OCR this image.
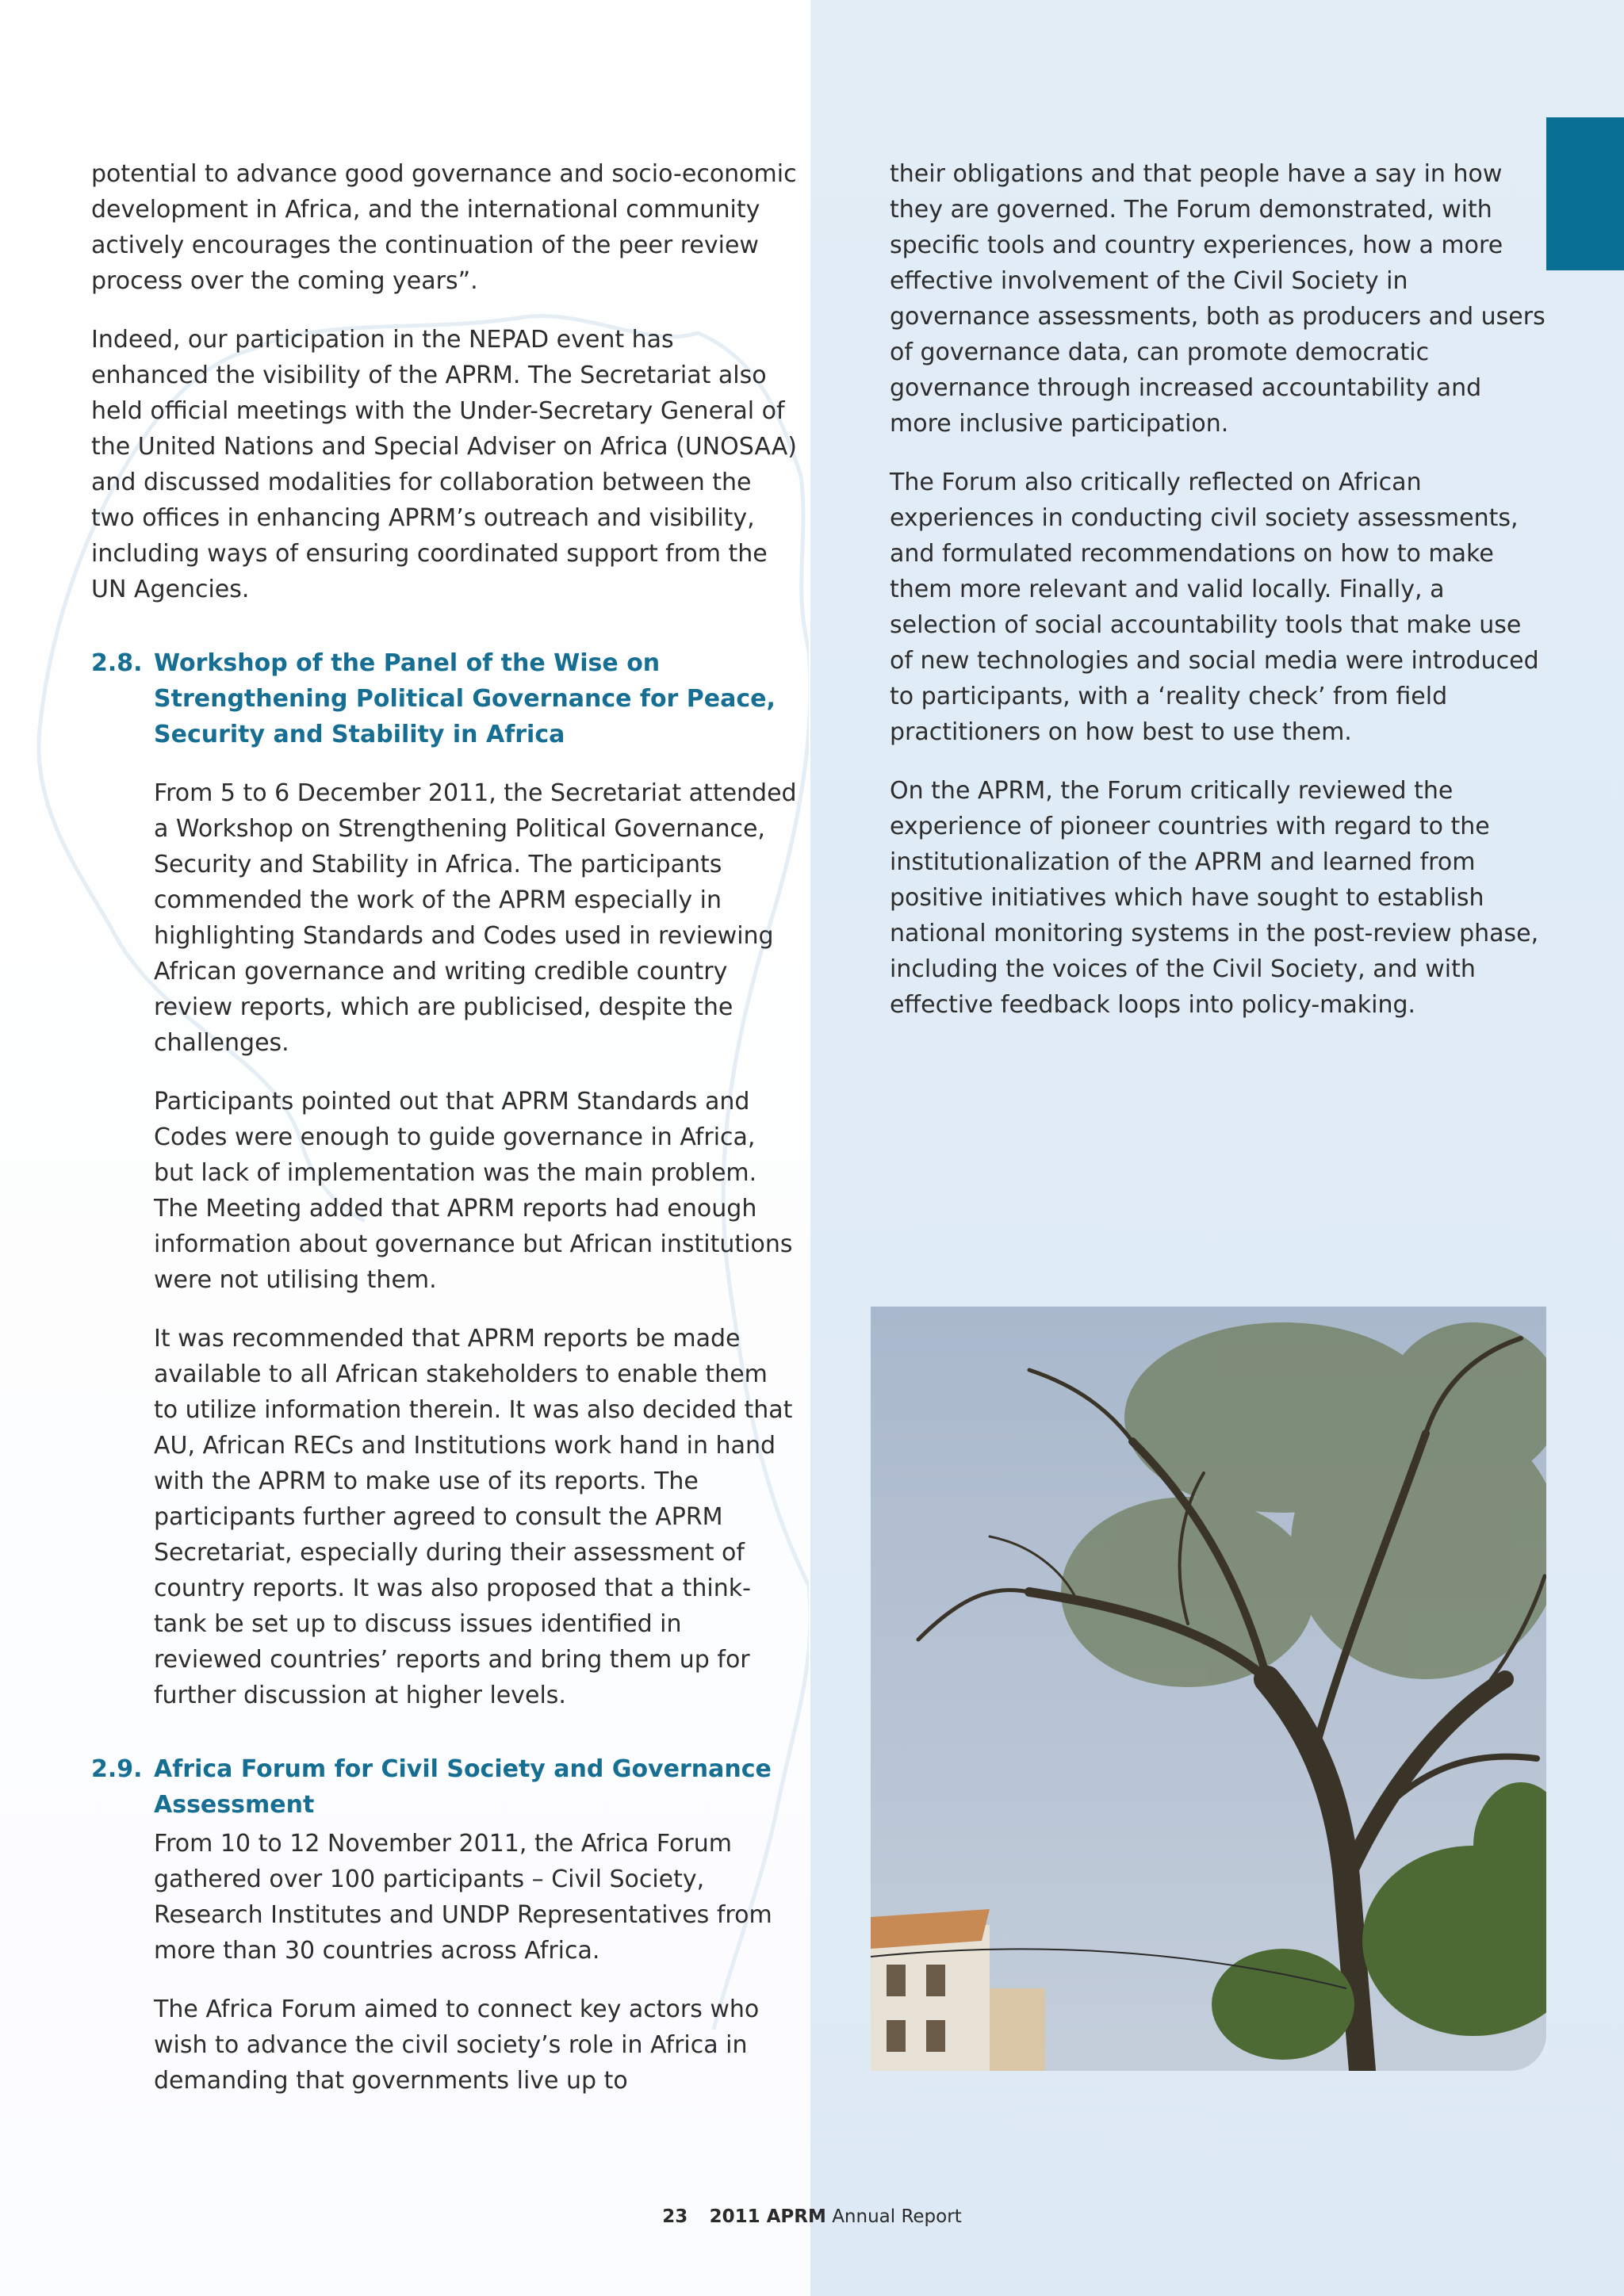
potential to advance good governance and socio-economic development in Africa, and the international community actively encourages the continuation of the peer review process over the coming years”.

Indeed, our participation in the NEPAD event has enhanced the visibility of the APRM. The Secretariat also held official meetings with the Under-Secretary General of the United Nations and Special Adviser on Africa (UNOSAA) and discussed modalities for collaboration between the two offices in enhancing APRM’s outreach and visibility, including ways of ensuring coordinated support from the UN Agencies.

2.8. Workshop of the Panel of the Wise on Strengthening Political Governance for Peace, Security and Stability in Africa

From 5 to 6 December 2011, the Secretariat attended a Workshop on Strengthening Political Governance, Security and Stability in Africa. The participants commended the work of the APRM especially in highlighting Standards and Codes used in reviewing African governance and writing credible country review reports, which are publicised, despite the challenges.

Participants pointed out that APRM Standards and Codes were enough to guide governance in Africa, but lack of implementation was the main problem. The Meeting added that APRM reports had enough information about governance but African institutions were not utilising them.

It was recommended that APRM reports be made available to all African stakeholders to enable them to utilize information therein. It was also decided that AU, African RECs and Institutions work hand in hand with the APRM to make use of its reports. The participants further agreed to consult the APRM Secretariat, especially during their assessment of country reports. It was also proposed that a think-tank be set up to discuss issues identified in reviewed countries’ reports and bring them up for further discussion at higher levels.

2.9. Africa Forum for Civil Society and Governance Assessment

From 10 to 12 November 2011, the Africa Forum gathered over 100 participants – Civil Society, Research Institutes and UNDP Representatives from more than 30 countries across Africa.

The Africa Forum aimed to connect key actors who wish to advance the civil society’s role in Africa in demanding that governments live up to

their obligations and that people have a say in how they are governed. The Forum demonstrated, with specific tools and country experiences, how a more effective involvement of the Civil Society in governance assessments, both as producers and users of governance data, can promote democratic governance through increased accountability and more inclusive participation.

The Forum also critically reflected on African experiences in conducting civil society assessments, and formulated recommendations on how to make them more relevant and valid locally. Finally, a selection of social accountability tools that make use of new technologies and social media were introduced to participants, with a ‘reality check’ from field practitioners on how best to use them.

On the APRM, the Forum critically reviewed the experience of pioneer countries with regard to the institutionalization of the APRM and learned from positive initiatives which have sought to establish national monitoring systems in the post-review phase, including the voices of the Civil Society, and with effective feedback loops into policy-making.

23 2011 APRM Annual Report
